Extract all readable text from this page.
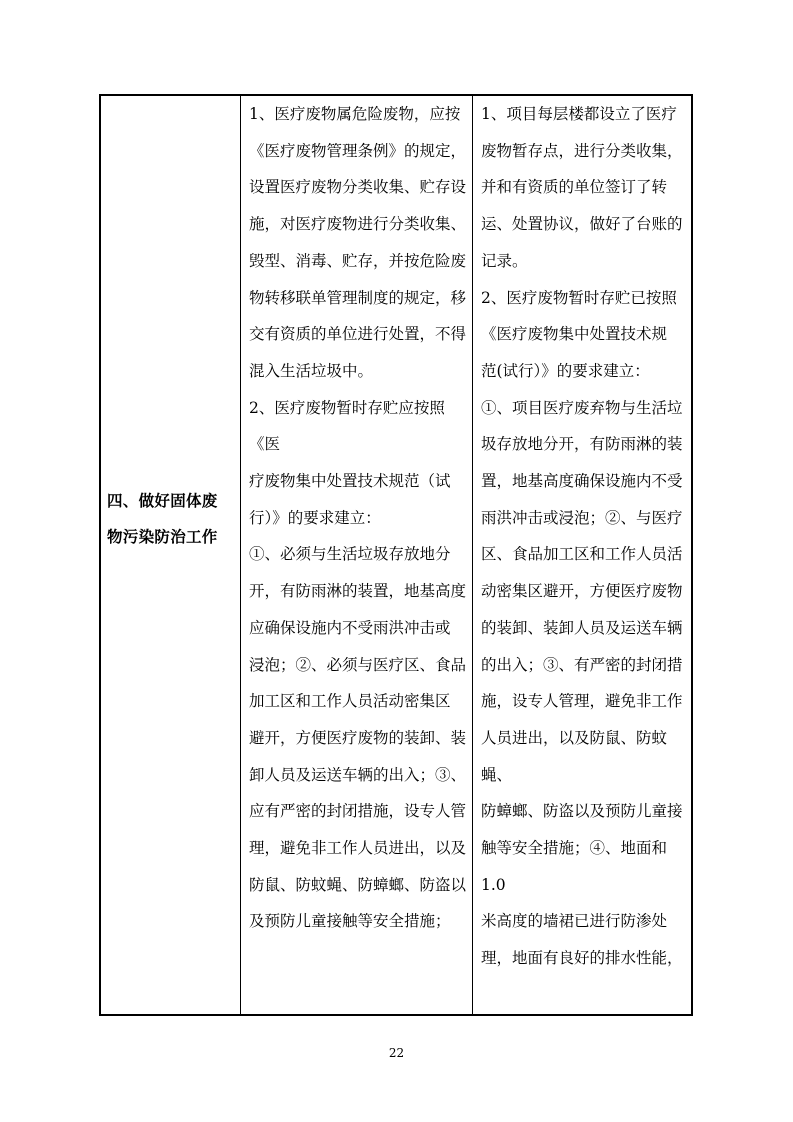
四、做好固体废
物污染防治工作
1、医疗废物属危险废物，应按
《医疗废物管理条例》的规定，
设置医疗废物分类收集、贮存设
施，对医疗废物进行分类收集、
毁型、消毒、贮存，并按危险废
物转移联单管理制度的规定，移
交有资质的单位进行处置，不得
混入生活垃圾中。
2、医疗废物暂时存贮应按照《医
疗废物集中处置技术规范（试
行）》的要求建立：
①、必须与生活垃圾存放地分
开，有防雨淋的装置，地基高度
应确保设施内不受雨洪冲击或
浸泡；②、必须与医疗区、食品
加工区和工作人员活动密集区
避开，方便医疗废物的装卸、装
卸人员及运送车辆的出入；③、
应有严密的封闭措施，设专人管
理，避免非工作人员进出，以及
防鼠、防蚊蝇、防蟑螂、防盗以
及预防儿童接触等安全措施；
1、项目每层楼都设立了医疗
废物暂存点，进行分类收集，
并和有资质的单位签订了转
运、处置协议，做好了台账的
记录。
2、医疗废物暂时存贮已按照
《医疗废物集中处置技术规
范(试行）》的要求建立：
①、项目医疗废弃物与生活垃
圾存放地分开，有防雨淋的装
置，地基高度确保设施内不受
雨洪冲击或浸泡；②、与医疗
区、食品加工区和工作人员活
动密集区避开，方便医疗废物
的装卸、装卸人员及运送车辆
的出入；③、有严密的封闭措
施，设专人管理，避免非工作
人员进出，以及防鼠、防蚊蝇、
防蟑螂、防盗以及预防儿童接
触等安全措施；④、地面和 1.0
米高度的墙裙已进行防渗处
理，地面有良好的排水性能，
22
